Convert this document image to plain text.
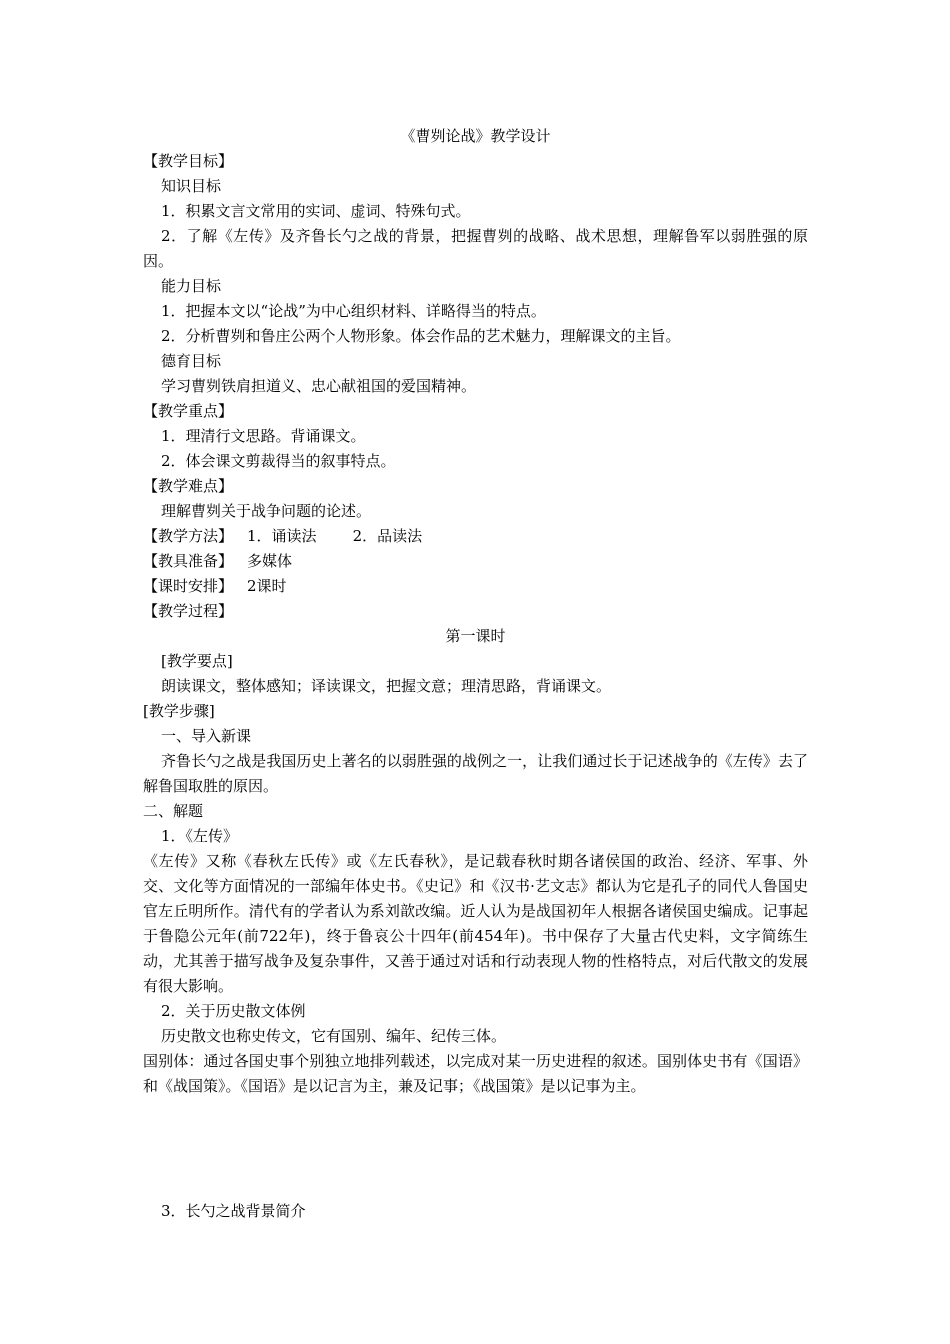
《曹刿论战》教学设计
【教学目标】
知识目标
1．积累文言文常用的实词、虚词、特殊句式。
2．了解《左传》及齐鲁长勺之战的背景，把握曹刿的战略、战术思想，理解鲁军以弱胜强的原因。
能力目标
1．把握本文以“论战”为中心组织材料、详略得当的特点。
2．分析曹刿和鲁庄公两个人物形象。体会作品的艺术魅力，理解课文的主旨。
德育目标
学习曹刿铁肩担道义、忠心献祖国的爱国精神。
【教学重点】
1．理清行文思路。背诵课文。
2．体会课文剪裁得当的叙事特点。
【教学难点】
理解曹刿关于战争问题的论述。
【教学方法】 1．诵读法 2．品读法
【教具准备】 多媒体
【课时安排】 2课时
【教学过程】
第一课时
[教学要点]
朗读课文，整体感知；译读课文，把握文意；理清思路，背诵课文。
[教学步骤]
一、导入新课
齐鲁长勺之战是我国历史上著名的以弱胜强的战例之一，让我们通过长于记述战争的《左传》去了解鲁国取胜的原因。
二、解题
1．《左传》
《左传》又称《春秋左氏传》或《左氏春秋》，是记载春秋时期各诸侯国的政治、经济、军事、外交、文化等方面情况的一部编年体史书。《史记》和《汉书·艺文志》都认为它是孔子的同代人鲁国史官左丘明所作。清代有的学者认为系刘歆改编。近人认为是战国初年人根据各诸侯国史编成。记事起于鲁隐公元年(前722年)，终于鲁哀公十四年(前454年)。书中保存了大量古代史料，文字简练生动，尤其善于描写战争及复杂事件，又善于通过对话和行动表现人物的性格特点，对后代散文的发展有很大影响。
2．关于历史散文体例
历史散文也称史传文，它有国别、编年、纪传三体。
国别体：通过各国史事个别独立地排列载述，以完成对某一历史进程的叙述。国别体史书有《国语》和《战国策》。《国语》是以记言为主，兼及记事；《战国策》是以记事为主。
3．长勺之战背景简介
